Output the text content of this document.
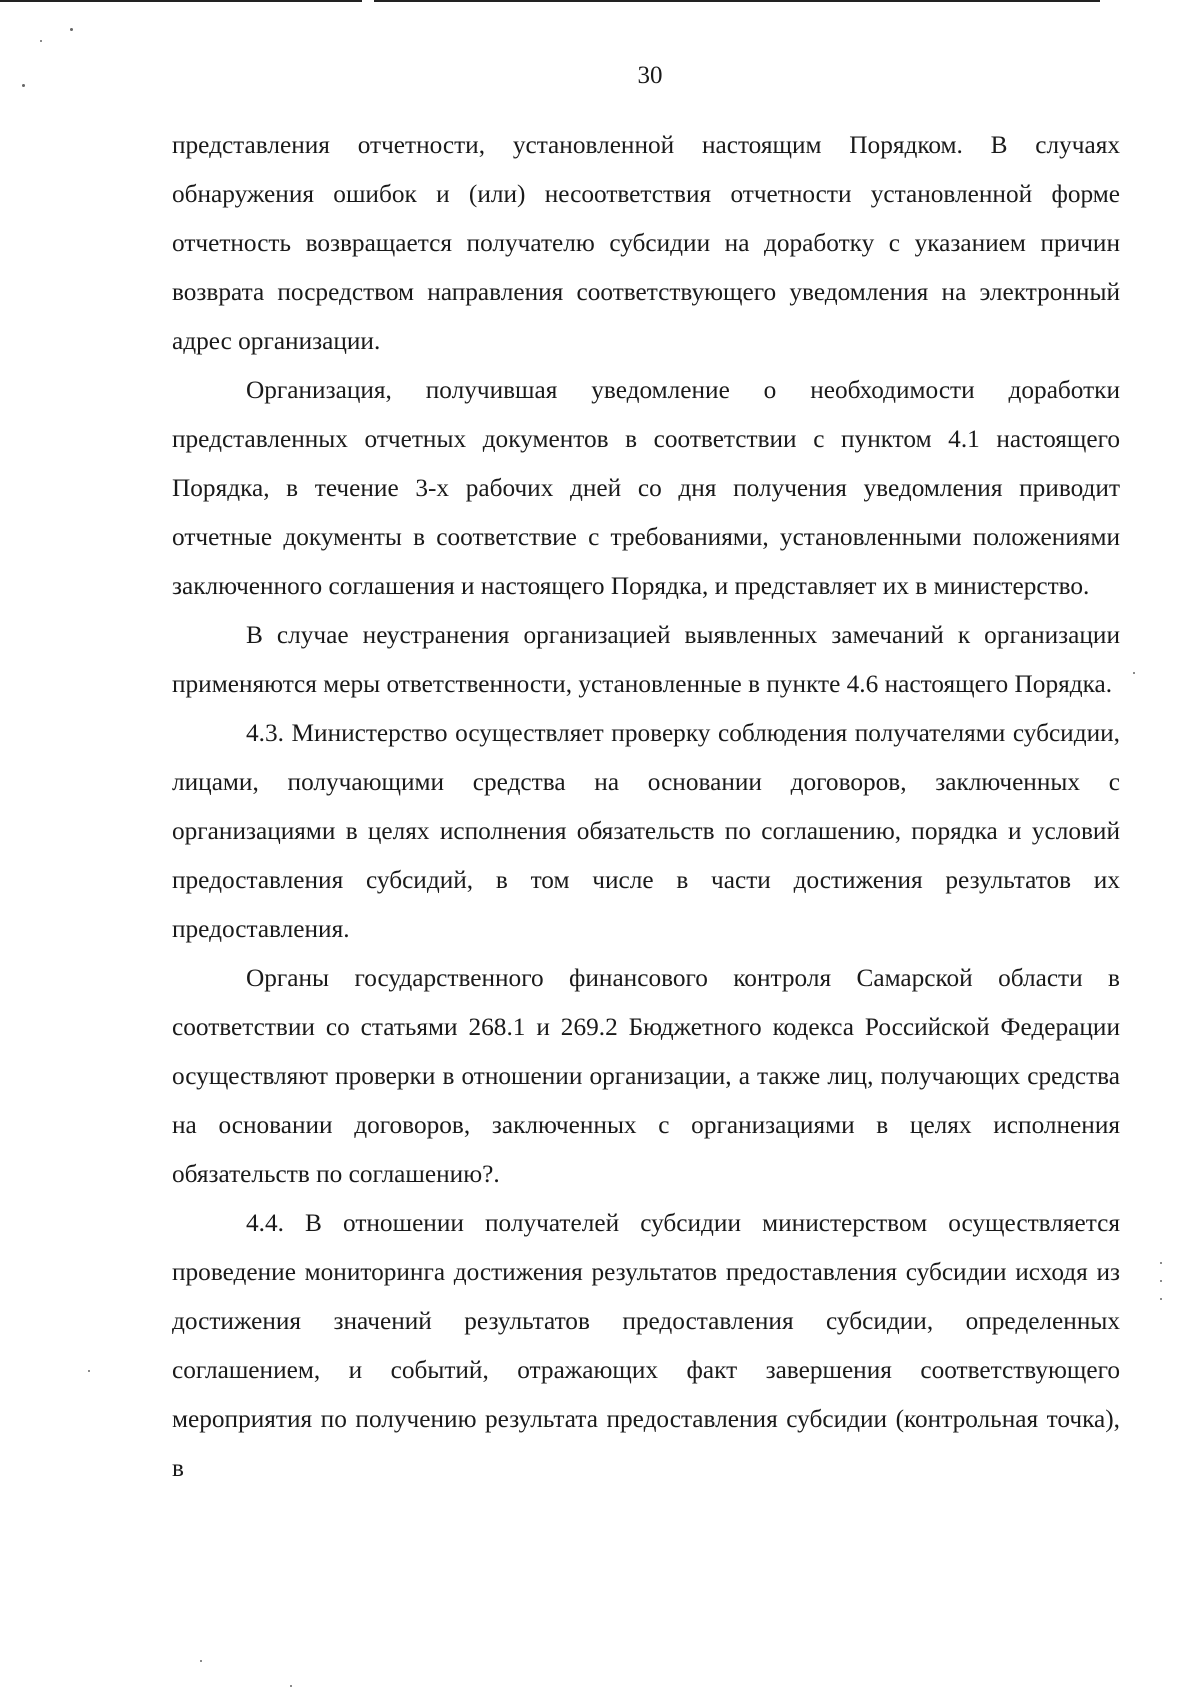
30

представления отчетности, установленной настоящим Порядком. В случаях обнаружения ошибок и (или) несоответствия отчетности установленной форме отчетность возвращается получателю субсидии на доработку с указанием причин возврата посредством направления соответствующего уведомления на электронный адрес организации.

Организация, получившая уведомление о необходимости доработки представленных отчетных документов в соответствии с пунктом 4.1 настоящего Порядка, в течение 3-х рабочих дней со дня получения уведомления приводит отчетные документы в соответствие с требованиями, установленными положениями заключенного соглашения и настоящего Порядка, и представляет их в министерство.

В случае неустранения организацией выявленных замечаний к организации применяются меры ответственности, установленные в пункте 4.6 настоящего Порядка.

4.3. Министерство осуществляет проверку соблюдения получателями субсидии, лицами, получающими средства на основании договоров, заключенных с организациями в целях исполнения обязательств по соглашению, порядка и условий предоставления субсидий, в том числе в части достижения результатов их предоставления.

Органы государственного финансового контроля Самарской области в соответствии со статьями 268.1 и 269.2 Бюджетного кодекса Российской Федерации осуществляют проверки в отношении организации, а также лиц, получающих средства на основании договоров, заключенных с организациями в целях исполнения обязательств по соглашению?.

4.4. В отношении получателей субсидии министерством осуществляется проведение мониторинга достижения результатов предоставления субсидии исходя из достижения значений результатов предоставления субсидии, определенных соглашением, и событий, отражающих факт завершения соответствующего мероприятия по получению результата предоставления субсидии (контрольная точка), в
